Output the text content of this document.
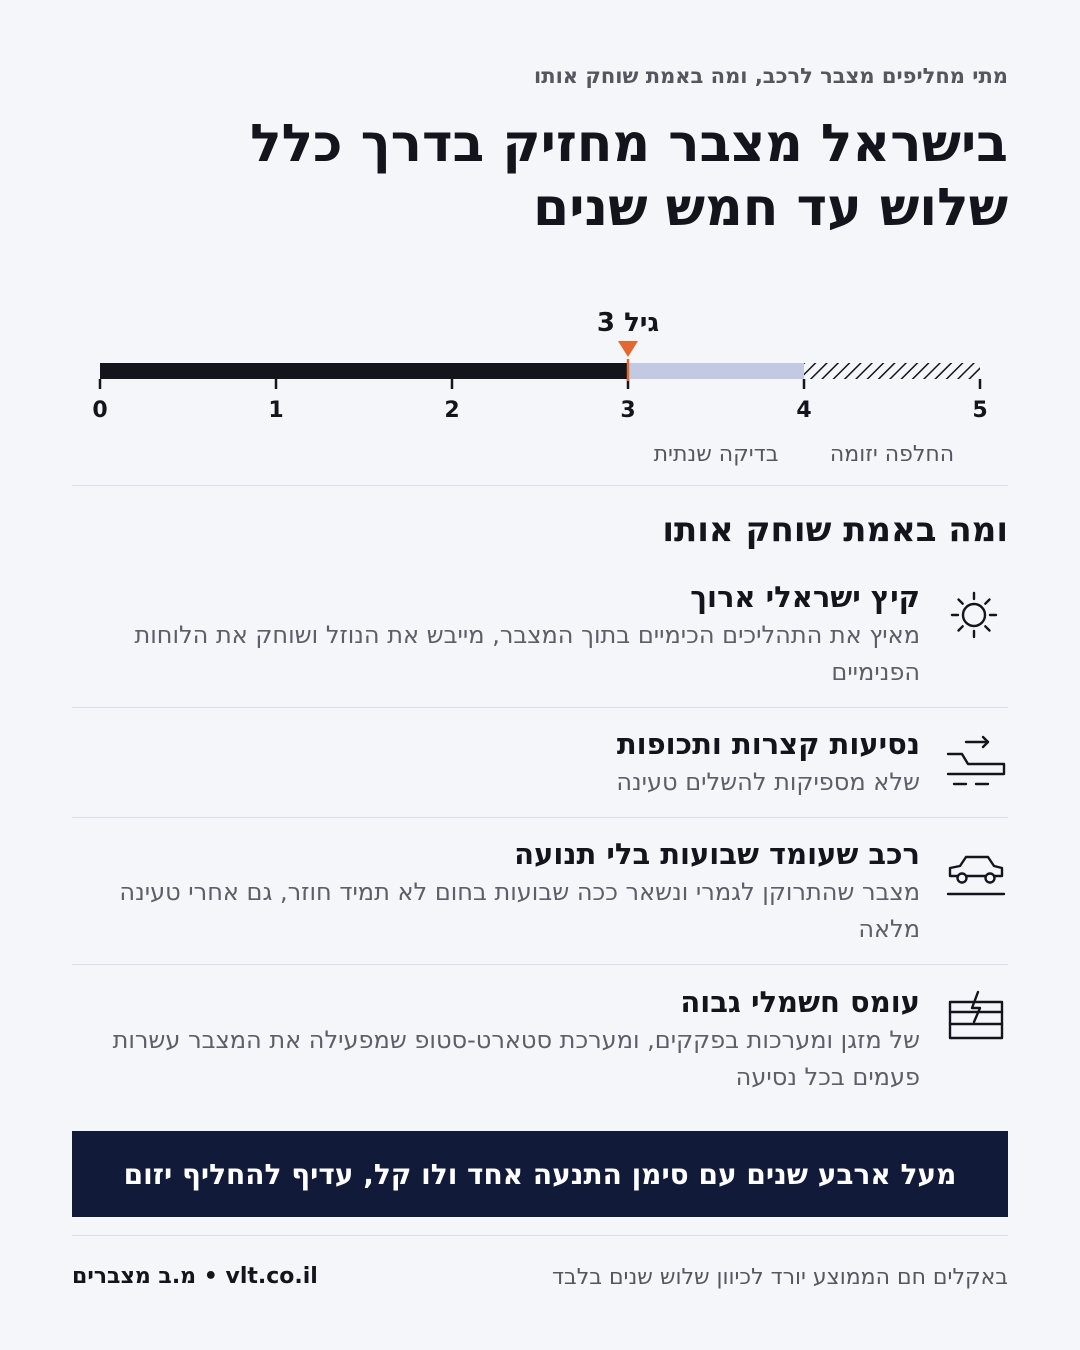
מתי מחליפים מצבר לרכב, ומה באמת שוחק אותו
בישראל מצבר מחזיק בדרך כלל
שלוש עד חמש שנים
0	1	2	3	4	5
גיל 3
בדיקה שנתית החלפה יזומה
ומה באמת שוחק אותו
קיץ ישראלי ארוך
מאיץ את התהליכים הכימיים בתוך המצבר, מייבש את הנוזל ושוחק את הלוחות הפנימיים
נסיעות קצרות ותכופות
שלא מספיקות להשלים טעינה
רכב שעומד שבועות בלי תנועה
מצבר שהתרוקן לגמרי ונשאר ככה שבועות בחום לא תמיד חוזר, גם אחרי טעינה מלאה
עומס חשמלי גבוה
של מזגן ומערכות בפקקים, ומערכת סטארט-סטופ שמפעילה את המצבר עשרות פעמים בכל נסיעה
מעל ארבע שנים עם סימן התנעה אחד ולו קל, עדיף להחליף יזום
באקלים חם הממוצע יורד לכיוון שלוש שנים בלבד
vlt.co.il • מ.ב מצברים
